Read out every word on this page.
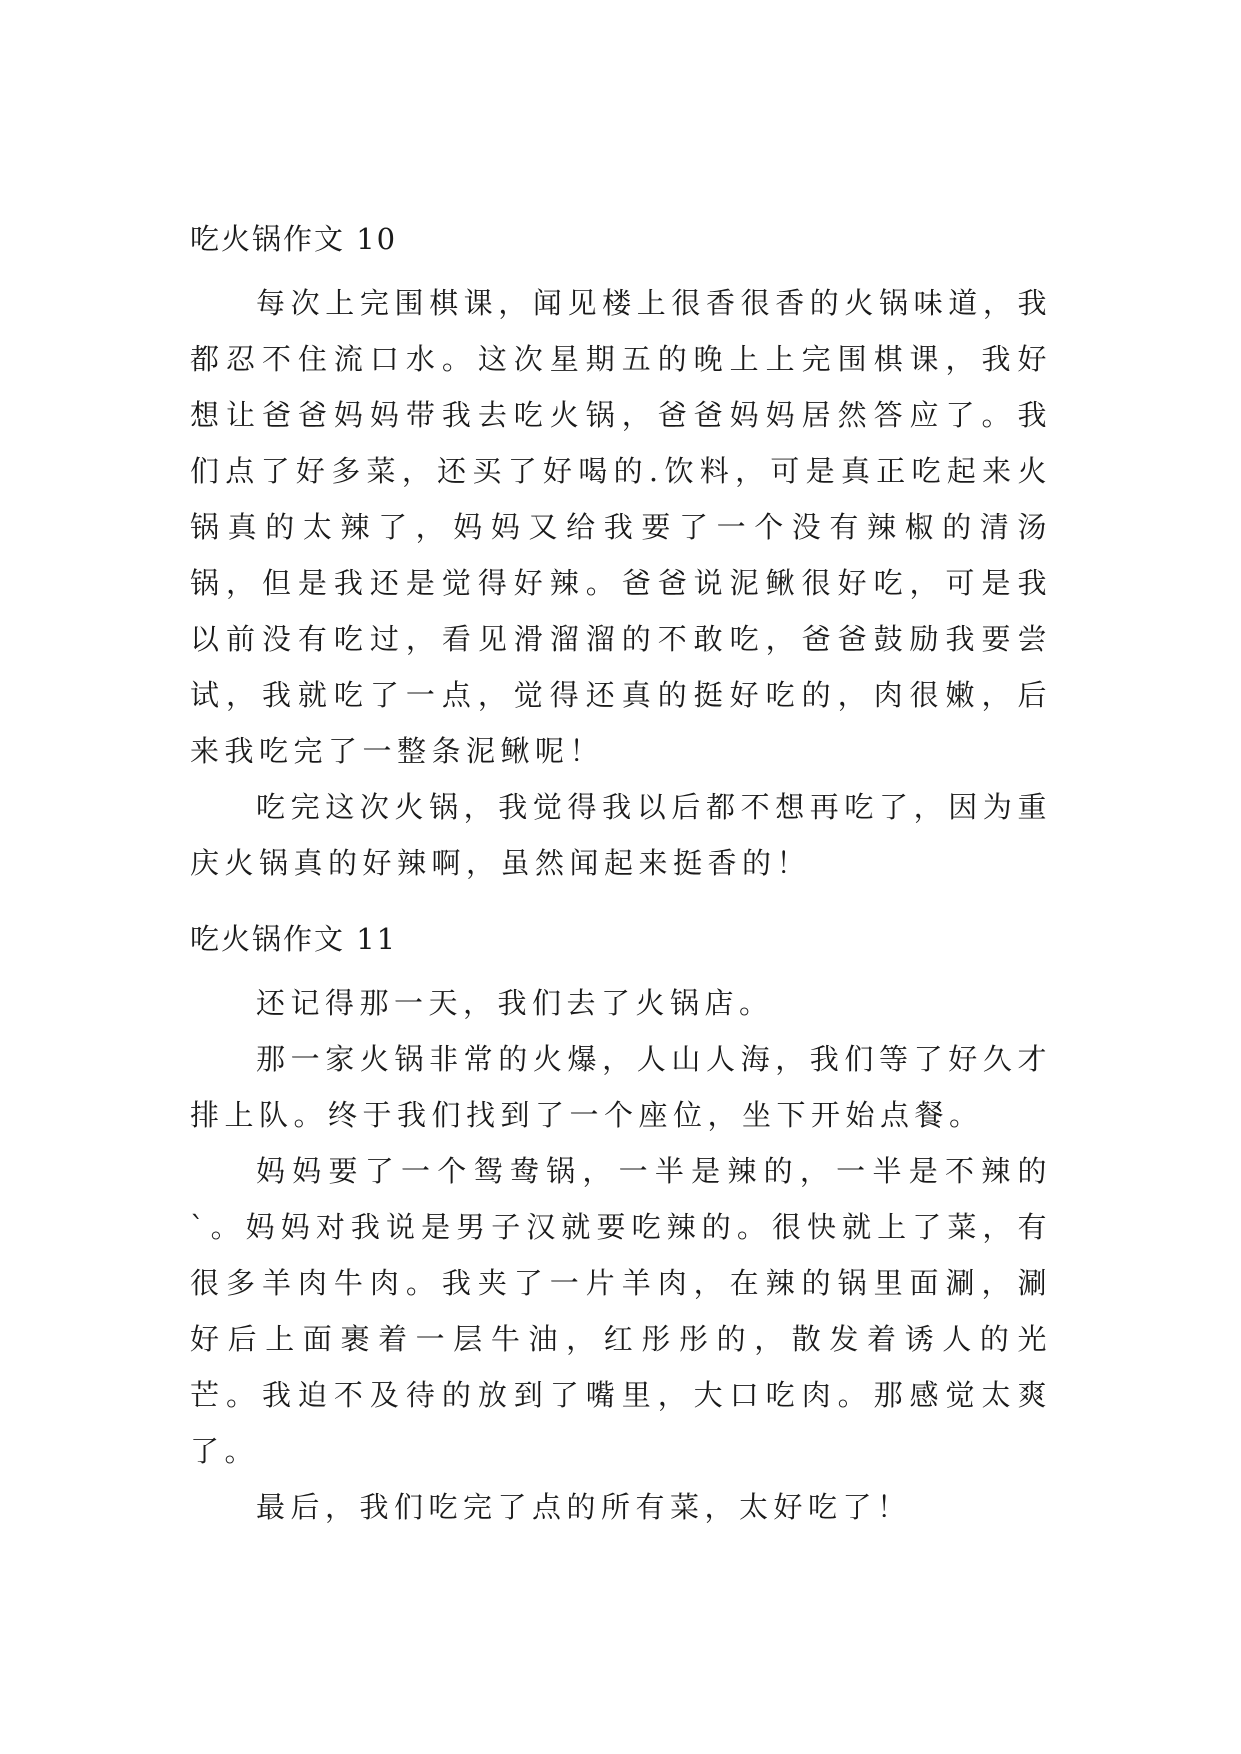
吃火锅作文 10

每次上完围棋课，闻见楼上很香很香的火锅味道，我都忍不住流口水。这次星期五的晚上上完围棋课，我好想让爸爸妈妈带我去吃火锅，爸爸妈妈居然答应了。我们点了好多菜，还买了好喝的.饮料，可是真正吃起来火锅真的太辣了，妈妈又给我要了一个没有辣椒的清汤锅，但是我还是觉得好辣。爸爸说泥鳅很好吃，可是我以前没有吃过，看见滑溜溜的不敢吃，爸爸鼓励我要尝试，我就吃了一点，觉得还真的挺好吃的，肉很嫩，后来我吃完了一整条泥鳅呢！

吃完这次火锅，我觉得我以后都不想再吃了，因为重庆火锅真的好辣啊，虽然闻起来挺香的！

吃火锅作文 11

还记得那一天，我们去了火锅店。

那一家火锅非常的火爆，人山人海，我们等了好久才排上队。终于我们找到了一个座位，坐下开始点餐。

妈妈要了一个鸳鸯锅，一半是辣的，一半是不辣的`。妈妈对我说是男子汉就要吃辣的。很快就上了菜，有很多羊肉牛肉。我夹了一片羊肉，在辣的锅里面涮，涮好后上面裹着一层牛油，红彤彤的，散发着诱人的光芒。我迫不及待的放到了嘴里，大口吃肉。那感觉太爽了。

最后，我们吃完了点的所有菜，太好吃了！
